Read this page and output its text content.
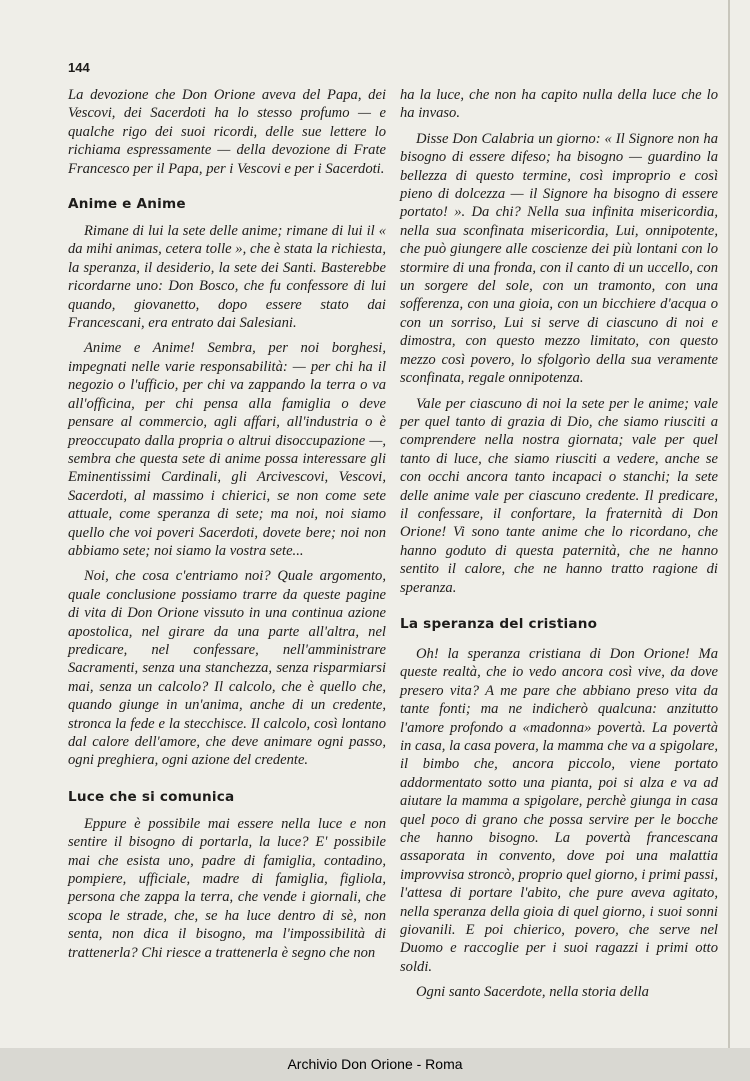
144

La devozione che Don Orione aveva del Papa, dei Vescovi, dei Sacerdoti ha lo stesso profumo — e qualche rigo dei suoi ricordi, delle sue lettere lo richiama espressamente — della devozione di Frate Francesco per il Papa, per i Vescovi e per i Sacerdoti.

Anime e Anime

Rimane di lui la sete delle anime; rimane di lui il « da mihi animas, cetera tolle », che è stata la richiesta, la speranza, il desiderio, la sete dei Santi. Basterebbe ricordarne uno: Don Bosco, che fu confessore di lui quando, giovanetto, dopo essere stato dai Francescani, era entrato dai Salesiani.

Anime e Anime! Sembra, per noi borghesi, impegnati nelle varie responsabilità: — per chi ha il negozio o l'ufficio, per chi va zappando la terra o va all'officina, per chi pensa alla famiglia o deve pensare al commercio, agli affari, all'industria o è preoccupato dalla propria o altrui disoccupazione —, sembra che questa sete di anime possa interessare gli Eminentissimi Cardinali, gli Arcivescovi, Vescovi, Sacerdoti, al massimo i chierici, se non come sete attuale, come speranza di sete; ma noi, noi siamo quello che voi poveri Sacerdoti, dovete bere; noi non abbiamo sete; noi siamo la vostra sete...

Noi, che cosa c'entriamo noi? Quale argomento, quale conclusione possiamo trarre da queste pagine di vita di Don Orione vissuto in una continua azione apostolica, nel girare da una parte all'altra, nel predicare, nel confessare, nell'amministrare Sacramenti, senza una stanchezza, senza risparmiarsi mai, senza un calcolo? Il calcolo, che è quello che, quando giunge in un'anima, anche di un credente, stronca la fede e la stecchisce. Il calcolo, così lontano dal calore dell'amore, che deve animare ogni passo, ogni preghiera, ogni azione del credente.

Luce che si comunica

Eppure è possibile mai essere nella luce e non sentire il bisogno di portarla, la luce? E' possibile mai che esista uno, padre di famiglia, contadino, pompiere, ufficiale, madre di famiglia, figliola, persona che zappa la terra, che vende i giornali, che scopa le strade, che, se ha luce dentro di sè, non senta, non dica il bisogno, ma l'impossibilità di trattenerla? Chi riesce a trattenerla è segno che non

ha la luce, che non ha capito nulla della luce che lo ha invaso.

Disse Don Calabria un giorno: « Il Signore non ha bisogno di essere difeso; ha bisogno — guardino la bellezza di questo termine, così improprio e così pieno di dolcezza — il Signore ha bisogno di essere portato! ». Da chi? Nella sua infinita misericordia, nella sua sconfinata misericordia, Lui, onnipotente, che può giungere alle coscienze dei più lontani con lo stormire di una fronda, con il canto di un uccello, con un sorgere del sole, con un tramonto, con una sofferenza, con una gioia, con un bicchiere d'acqua o con un sorriso, Lui si serve di ciascuno di noi e dimostra, con questo mezzo limitato, con questo mezzo così povero, lo sfolgorìo della sua veramente sconfinata, regale onnipotenza.

Vale per ciascuno di noi la sete per le anime; vale per quel tanto di grazia di Dio, che siamo riusciti a comprendere nella nostra giornata; vale per quel tanto di luce, che siamo riusciti a vedere, anche se con occhi ancora tanto incapaci o stanchi; la sete delle anime vale per ciascuno credente. Il predicare, il confessare, il confortare, la fraternità di Don Orione! Vi sono tante anime che lo ricordano, che hanno goduto di questa paternità, che ne hanno sentito il calore, che ne hanno tratto ragione di speranza.

La speranza del cristiano

Oh! la speranza cristiana di Don Orione! Ma queste realtà, che io vedo ancora così vive, da dove presero vita? A me pare che abbiano preso vita da tante fonti; ma ne indicherò qualcuna: anzitutto l'amore profondo a «madonna» povertà. La povertà in casa, la casa povera, la mamma che va a spigolare, il bimbo che, ancora piccolo, viene portato addormentato sotto una pianta, poi si alza e va ad aiutare la mamma a spigolare, perchè giunga in casa quel poco di grano che possa servire per le bocche che hanno bisogno. La povertà francescana assaporata in convento, dove poi una malattia improvvisa stroncò, proprio quel giorno, i primi passi, l'attesa di portare l'abito, che pure aveva agitato, nella speranza della gioia di quel giorno, i suoi sonni giovanili. E poi chierico, povero, che serve nel Duomo e raccoglie per i suoi ragazzi i primi otto soldi.

Ogni santo Sacerdote, nella storia della

Archivio Don Orione - Roma
